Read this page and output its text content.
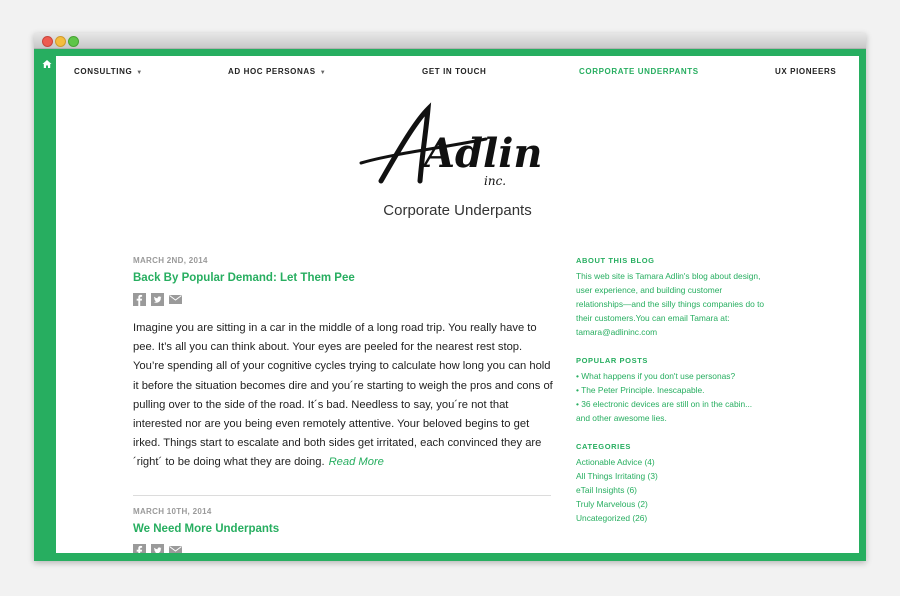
CONSULTING ▼	AD HOC PERSONAS ▼	GET IN TOUCH	CORPORATE UNDERPANTS	UX PIONEERS
Adlin
inc.
Corporate Underpants
MARCH 2ND, 2014
Back By Popular Demand: Let Them Pee
Imagine you are sitting in a car in the middle of a long road trip. You really have to pee. It’s all you can think about. Your eyes are peeled for the nearest rest stop. You’re spending all of your cognitive cycles trying to calculate how long you can hold it before the situation becomes dire and you´re starting to weigh the pros and cons of pulling over to the side of the road. It´s bad. Needless to say, you´re not that interested nor are you being even remotely attentive. Your beloved begins to get irked. Things start to escalate and both sides get irritated, each convinced they are ´right´ to be doing what they are doing. Read More
MARCH 10TH, 2014
We Need More Underpants
ABOUT THIS BLOG

This web site is Tamara Adlin's blog about design, user experience, and building customer relationships—and the silly things companies do to their customers.You can email Tamara at: tamara@adlininc.com

POPULAR POSTS
• What happens if you don't use personas?
• The Peter Principle. Inescapable.
• 36 electronic devices are still on in the cabin... and other awesome lies.
CATEGORIES
Actionable Advice (4)
All Things Irritating (3)
eTail Insights (6)
Truly Marvelous (2)
Uncategorized (26)
